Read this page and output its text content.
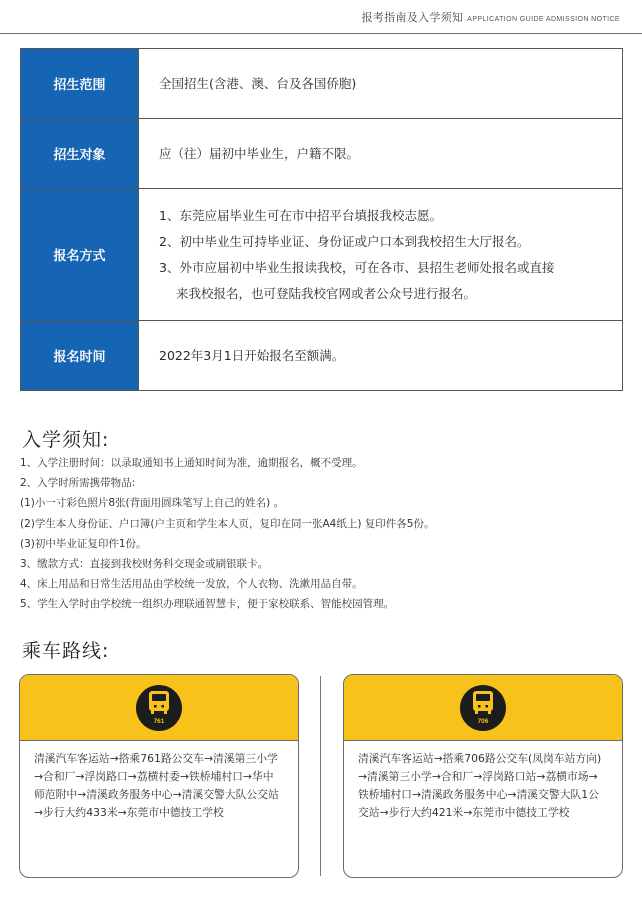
报考指南及入学须知 APPLICATION GUIDE ADMISSION NOTICE
招生范围	全国招生(含港、澳、台及各国侨胞)
招生对象	应（往）届初中毕业生，户籍不限。
报名方式	1、东莞应届毕业生可在市中招平台填报我校志愿。
2、初中毕业生可持毕业证、身份证或户口本到我校招生大厅报名。
3、外市应届初中毕业生报读我校，可在各市、县招生老师处报名或直接
来我校报名，也可登陆我校官网或者公众号进行报名。

报名时间	2022年3月1日开始报名至额满。
入学须知:

1、入学注册时间：以录取通知书上通知时间为准，逾期报名，概不受理。

2、入学时所需携带物品:

(1)小一寸彩色照片8张(背面用圆珠笔写上自己的姓名) 。

(2)学生本人身份证、户口簿(户主页和学生本人页，复印在同一张A4纸上) 复印件各5份。

(3)初中毕业证复印件1份。

3、缴款方式：直接到我校财务科交现金或刷银联卡。

4、床上用品和日常生活用品由学校统一发放，个人衣物、洗漱用品自带。

5、学生入学时由学校统一组织办理联通智慧卡，便于家校联系、智能校园管理。

乘车路线:
761
清溪汽车客运站→搭乘761路公交车→清溪第三小学→合和厂→浮岗路口→荔横村委→铁桥埔村口→华中师范附中→清溪政务服务中心→清溪交警大队公交站→步行大约433米→东莞市中德技工学校
706
清溪汽车客运站→搭乘706路公交车(凤岗车站方向)→清溪第三小学→合和厂→浮岗路口站→荔横市场→铁桥埔村口→清溪政务服务中心→清溪交警大队1公交站→步行大约421米→东莞市中德技工学校
